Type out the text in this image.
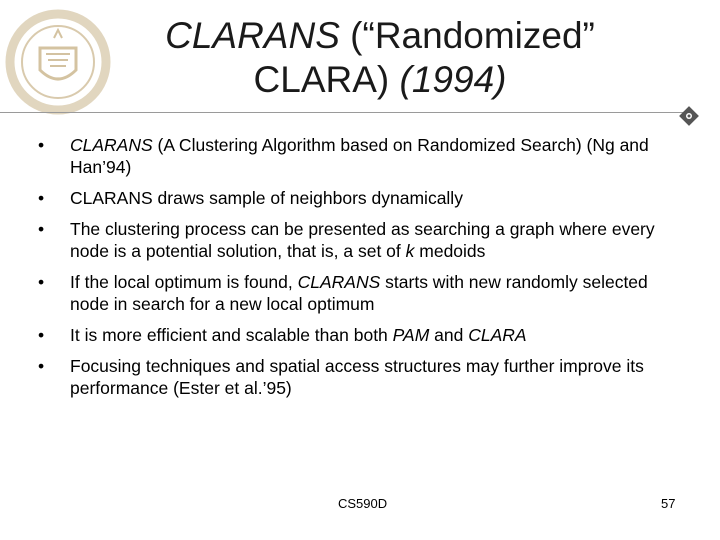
CLARANS (“Randomized”
CLARA) (1994)
• CLARANS (A Clustering Algorithm based on Randomized Search) (Ng and Han’94)
• CLARANS draws sample of neighbors dynamically
• The clustering process can be presented as searching a graph where every node is a potential solution, that is, a set of k medoids
• If the local optimum is found, CLARANS starts with new randomly selected node in search for a new local optimum
• It is more efficient and scalable than both PAM and CLARA
• Focusing techniques and spatial access structures may further improve its performance (Ester et al.’95)
CS590D	57
